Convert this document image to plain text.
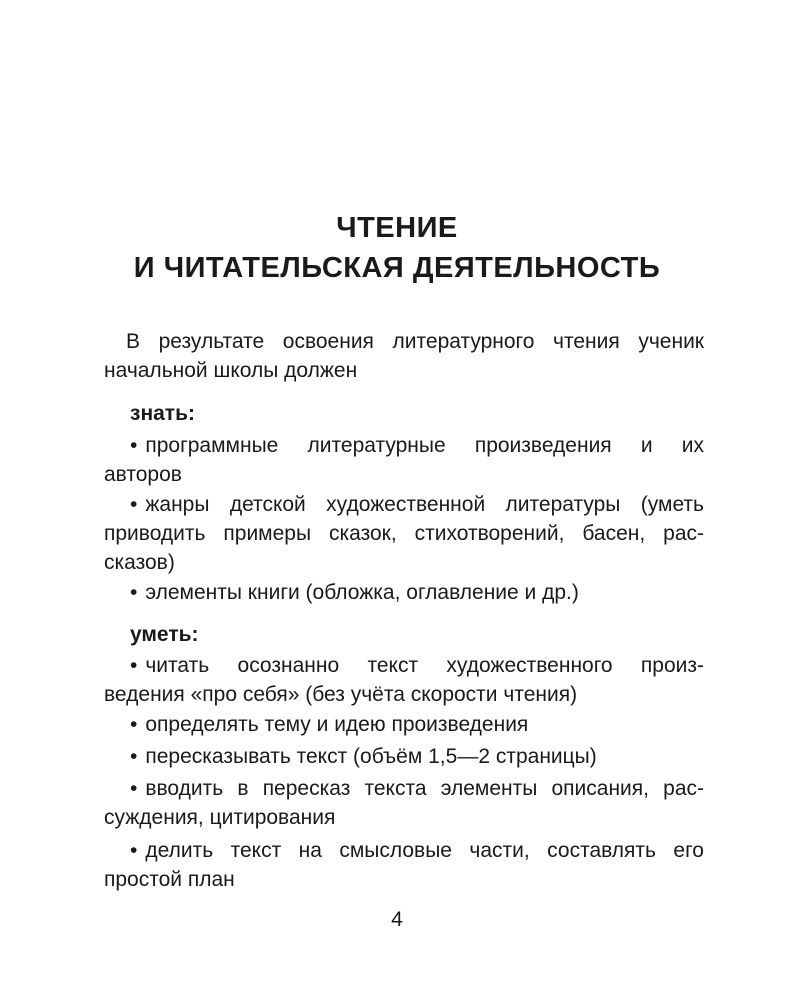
ЧТЕНИЕ
И ЧИТАТЕЛЬСКАЯ ДЕЯТЕЛЬНОСТЬ
В результате освоения литературного чтения ученик
начальной школы должен
знать:
• программные литературные произведения и их
авторов
• жанры детской художественной литературы (уметь
приводить примеры сказок, стихотворений, басен, рас-
сказов)
• элементы книги (обложка, оглавление и др.)
уметь:
• читать осознанно текст художественного произ-
ведения «про себя» (без учёта скорости чтения)
• определять тему и идею произведения
• пересказывать текст (объём 1,5—2 страницы)
• вводить в пересказ текста элементы описания, рас-
суждения, цитирования
• делить текст на смысловые части, составлять его
простой план
4
